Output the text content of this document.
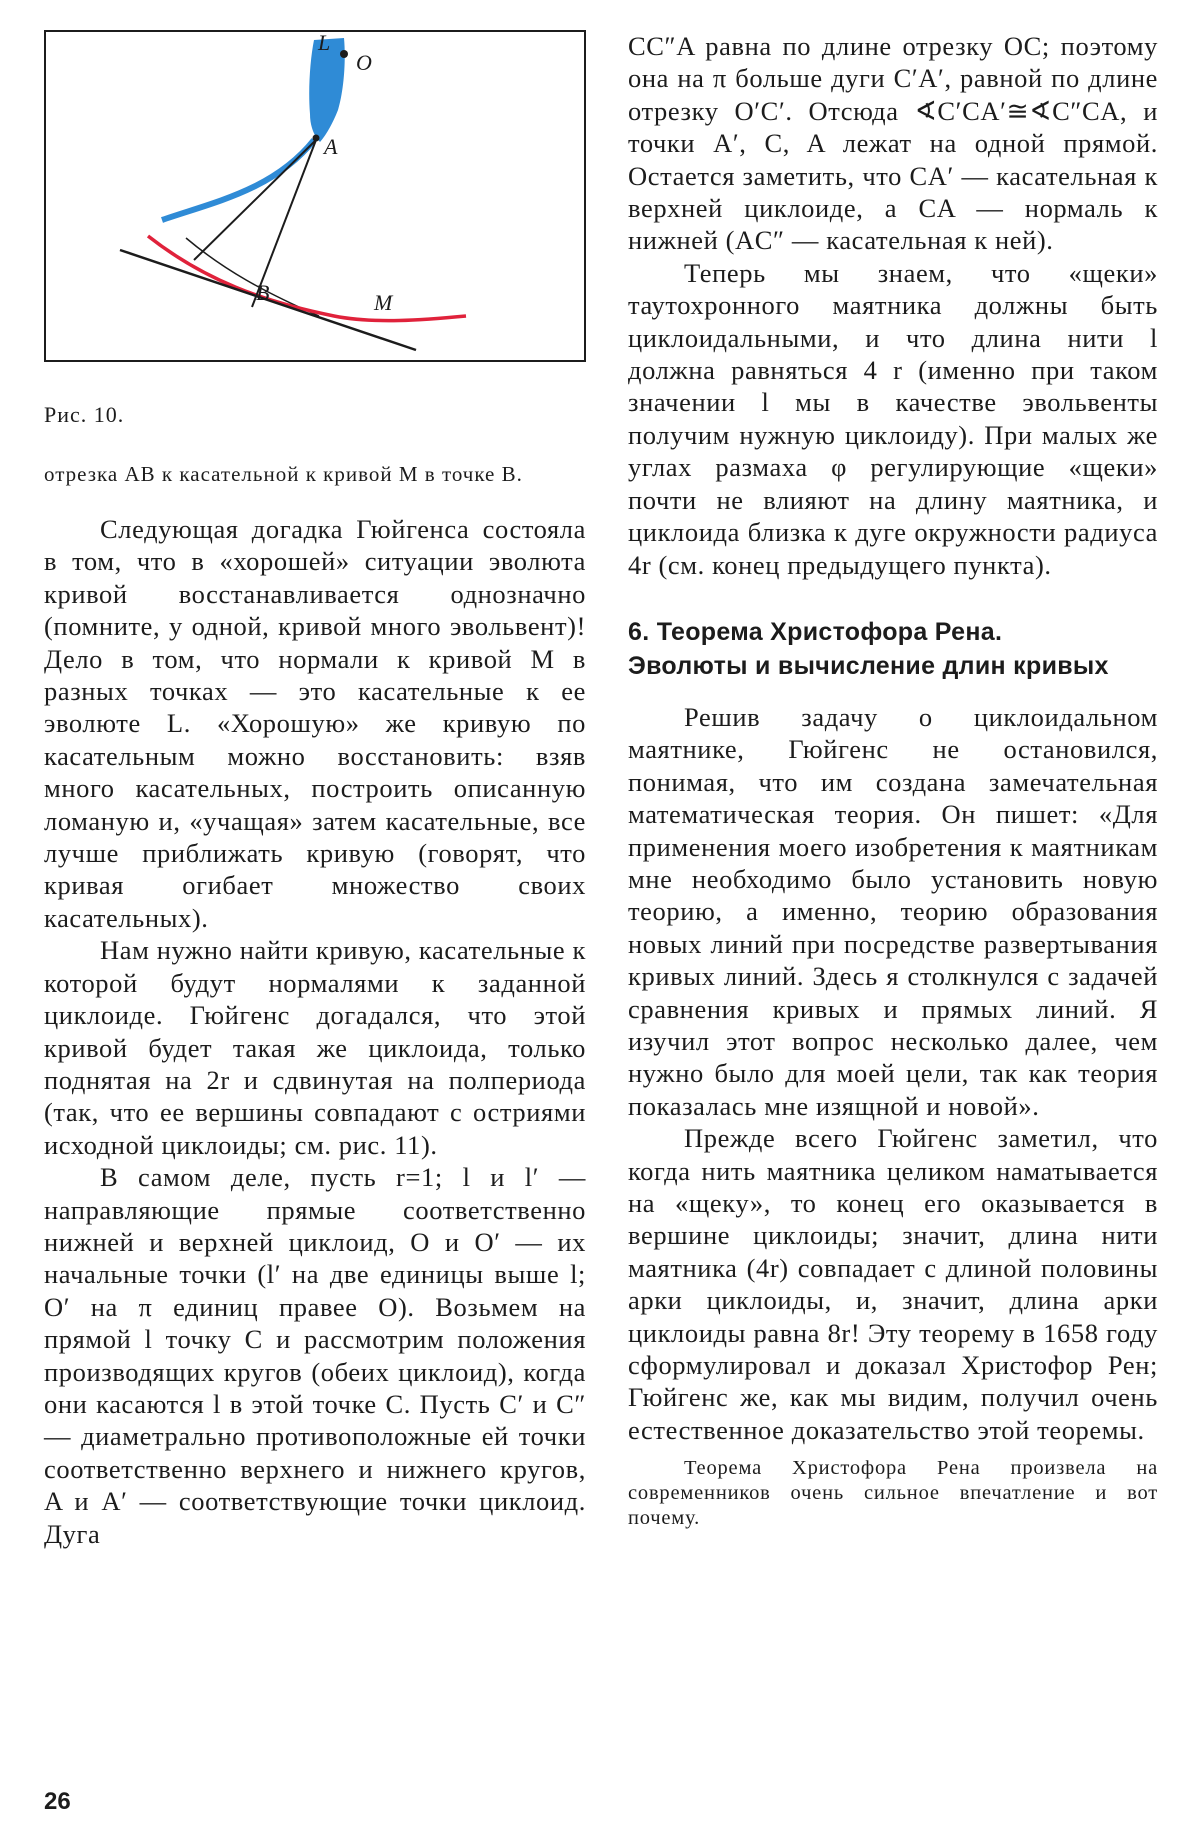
L
O
A
B	M
Рис. 10.
отрезка AB к касательной к кривой M в точке B.

Следующая догадка Гюйгенса состояла в том, что в «хорошей» ситуации эволюта кривой восстанавливается однозначно (помните, у одной, кривой много эвольвент)! Дело в том, что нормали к кривой M в разных точках — это касательные к ее эволюте L. «Хорошую» же кривую по касательным можно восстановить: взяв много касательных, построить описанную ломаную и, «учащая» затем касательные, все лучше приближать кривую (говорят, что кривая огибает множество своих касательных).

Нам нужно найти кривую, касательные к которой будут нормалями к заданной циклоиде. Гюйгенс догадался, что этой кривой будет такая же циклоида, только поднятая на 2r и сдвинутая на полпериода (так, что ее вершины совпадают с остриями исходной циклоиды; см. рис. 11).

В самом деле, пусть r=1; l и l′ — направляющие прямые соответственно нижней и верхней циклоид, O и O′ — их начальные точки (l′ на две единицы выше l; O′ на π единиц правее O). Возьмем на прямой l точку C и рассмотрим положения производящих кругов (обеих циклоид), когда они касаются l в этой точке C. Пусть C′ и C″ — диаметрально противоположные ей точки соответственно верхнего и нижнего кругов, A и A′ — соответствующие точки циклоид. Дуга

CC″A равна по длине отрезку OC; поэтому она на π больше дуги C′A′, равной по длине отрезку O′C′. Отсюда ∢C′CA′≅∢C″CA, и точки A′, C, A лежат на одной прямой. Остается заметить, что CA′ — касательная к верхней циклоиде, а CA — нормаль к нижней (AC″ — касательная к ней).

Теперь мы знаем, что «щеки» таутохронного маятника должны быть циклоидальными, и что длина нити l должна равняться 4 r (именно при таком значении l мы в качестве эвольвенты получим нужную циклоиду). При малых же углах размаха φ регулирующие «щеки» почти не влияют на длину маятника, и циклоида близка к дуге окружности радиуса 4r (см. конец предыдущего пункта).

6. Теорема Христофора Рена.
Эволюты и вычисление длин кривых

Решив задачу о циклоидальном маятнике, Гюйгенс не остановился, понимая, что им создана замечательная математическая теория. Он пишет: «Для применения моего изобретения к маятникам мне необходимо было установить новую теорию, а именно, теорию образования новых линий при посредстве развертывания кривых линий. Здесь я столкнулся с задачей сравнения кривых и прямых линий. Я изучил этот вопрос несколько далее, чем нужно было для моей цели, так как теория показалась мне изящной и новой».

Прежде всего Гюйгенс заметил, что когда нить маятника целиком наматывается на «щеку», то конец его оказывается в вершине циклоиды; значит, длина нити маятника (4r) совпадает с длиной половины арки циклоиды, и, значит, длина арки циклоиды равна 8r! Эту теорему в 1658 году сформулировал и доказал Христофор Рен; Гюйгенс же, как мы видим, получил очень естественное доказательство этой теоремы.

Теорема Христофора Рена произвела на современников очень сильное впечатление и вот почему.
26
